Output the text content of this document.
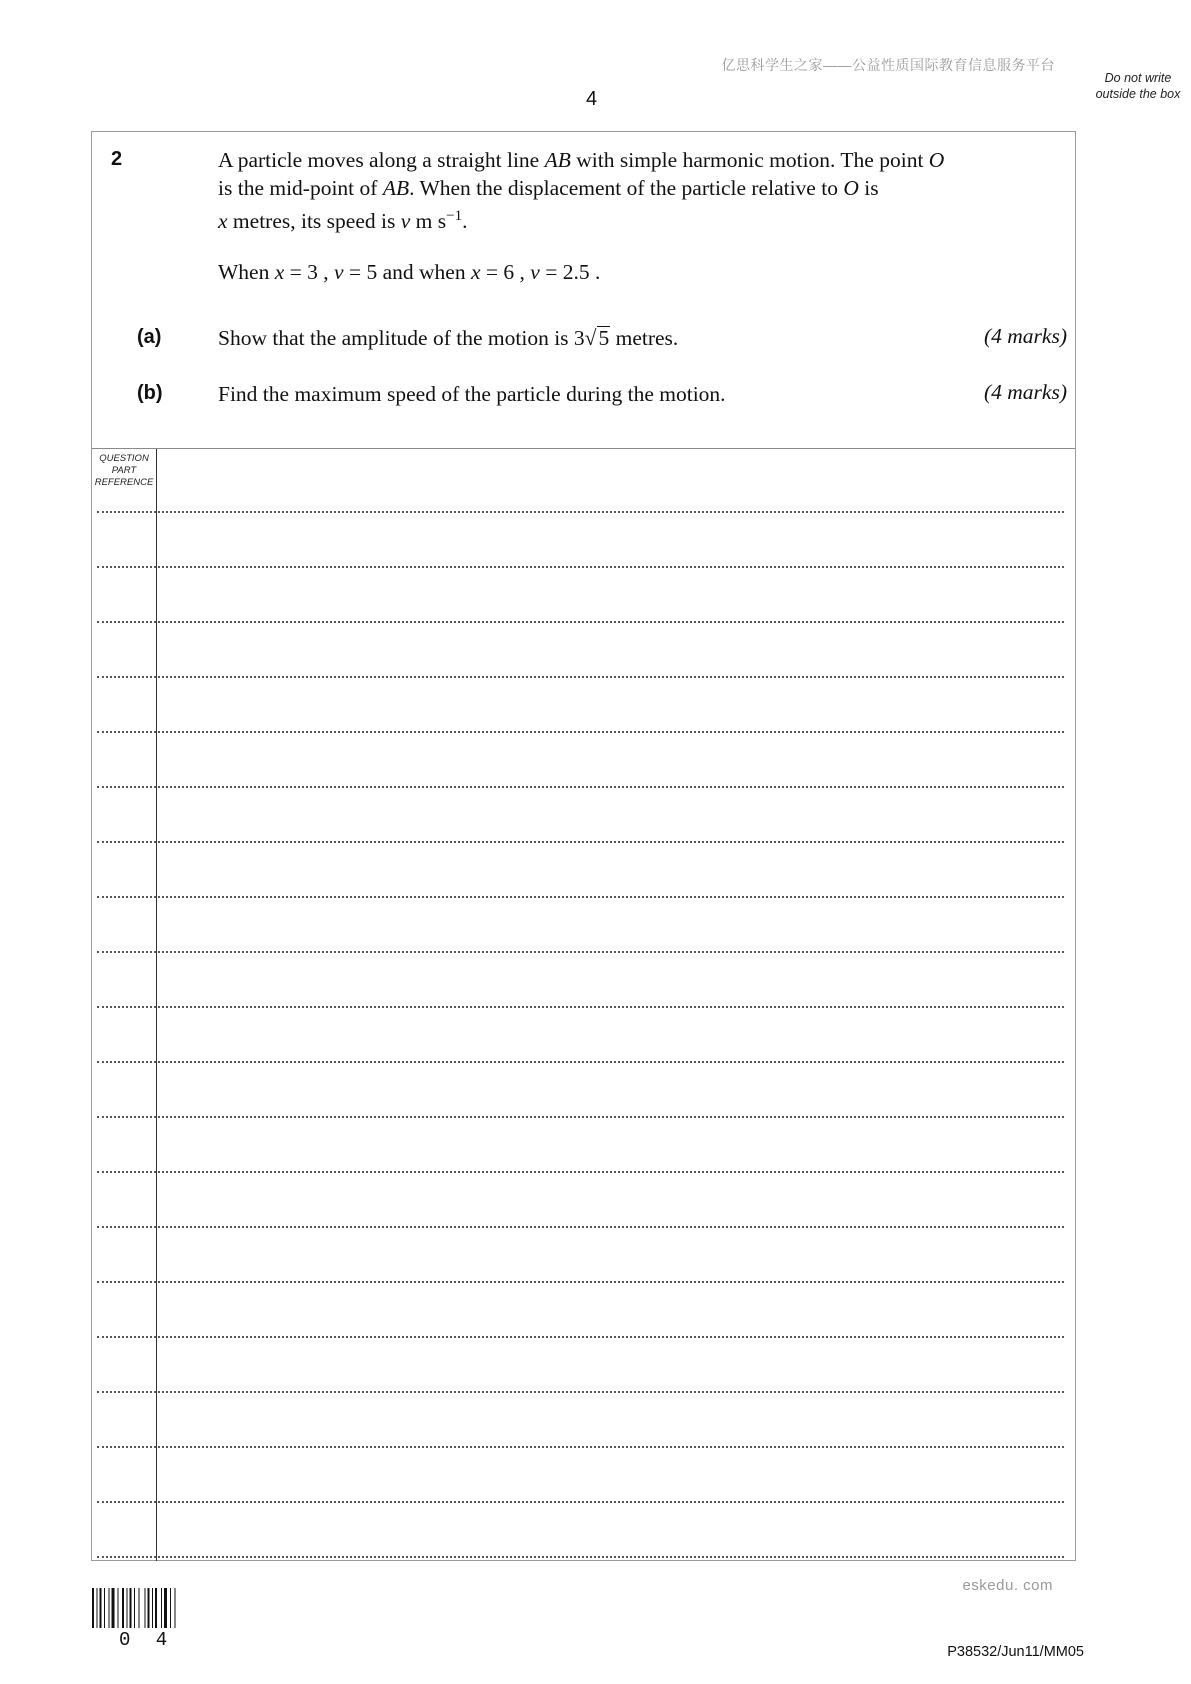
亿思科学生之家——公益性质国际教育信息服务平台
4
Do not write outside the box
2	A particle moves along a straight line AB with simple harmonic motion. The point O
is the mid-point of AB. When the displacement of the particle relative to O is
x metres, its speed is v m $s^{-1}$.
When x = 3 , v = 5 and when x = 6 , v = 2.5 .
(a)	Show that the amplitude of the motion is 3√5 metres.	(4 marks)
(b)	Find the maximum speed of the particle during the motion.	(4 marks)
QUESTION PART REFERENCE
eskedu. com
0 4
P38532/Jun11/MM05
